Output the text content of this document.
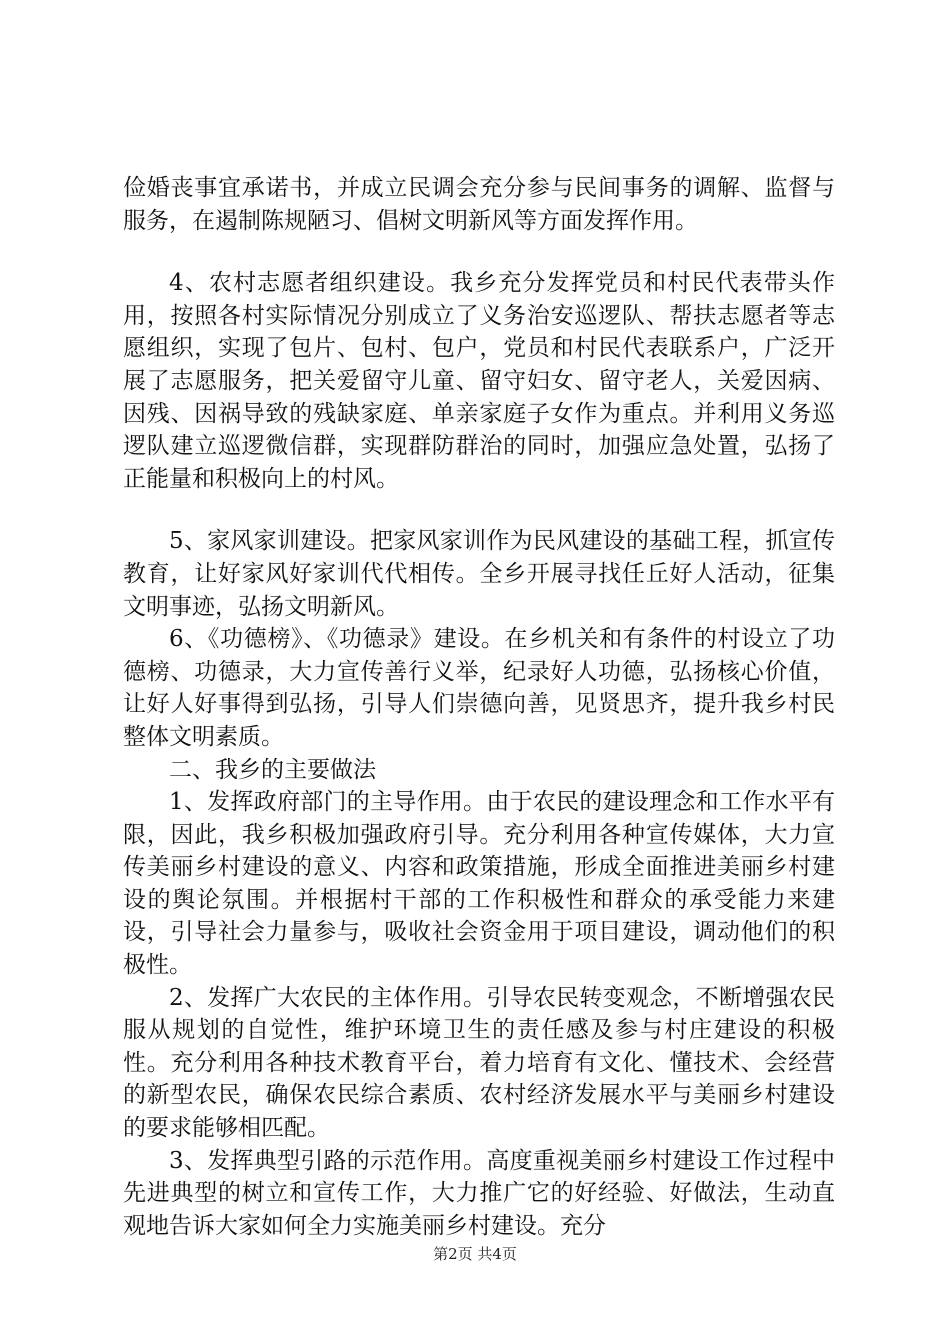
俭婚丧事宜承诺书，并成立民调会充分参与民间事务的调解、监督与服务，在遏制陈规陋习、倡树文明新风等方面发挥作用。

4、农村志愿者组织建设。我乡充分发挥党员和村民代表带头作用，按照各村实际情况分别成立了义务治安巡逻队、帮扶志愿者等志愿组织，实现了包片、包村、包户，党员和村民代表联系户，广泛开展了志愿服务，把关爱留守儿童、留守妇女、留守老人，关爱因病、因残、因祸导致的残缺家庭、单亲家庭子女作为重点。并利用义务巡逻队建立巡逻微信群，实现群防群治的同时，加强应急处置，弘扬了正能量和积极向上的村风。

5、家风家训建设。把家风家训作为民风建设的基础工程，抓宣传教育，让好家风好家训代代相传。全乡开展寻找任丘好人活动，征集文明事迹，弘扬文明新风。

6、《功德榜》、《功德录》建设。在乡机关和有条件的村设立了功德榜、功德录，大力宣传善行义举，纪录好人功德，弘扬核心价值，让好人好事得到弘扬，引导人们崇德向善，见贤思齐，提升我乡村民整体文明素质。

二、我乡的主要做法

1、发挥政府部门的主导作用。由于农民的建设理念和工作水平有限，因此，我乡积极加强政府引导。充分利用各种宣传媒体，大力宣传美丽乡村建设的意义、内容和政策措施，形成全面推进美丽乡村建设的舆论氛围。并根据村干部的工作积极性和群众的承受能力来建设，引导社会力量参与，吸收社会资金用于项目建设，调动他们的积极性。

2、发挥广大农民的主体作用。引导农民转变观念，不断增强农民服从规划的自觉性，维护环境卫生的责任感及参与村庄建设的积极性。充分利用各种技术教育平台，着力培育有文化、懂技术、会经营的新型农民，确保农民综合素质、农村经济发展水平与美丽乡村建设的要求能够相匹配。

3、发挥典型引路的示范作用。高度重视美丽乡村建设工作过程中先进典型的树立和宣传工作，大力推广它的好经验、好做法，生动直观地告诉大家如何全力实施美丽乡村建设。充分

第2页 共4页
